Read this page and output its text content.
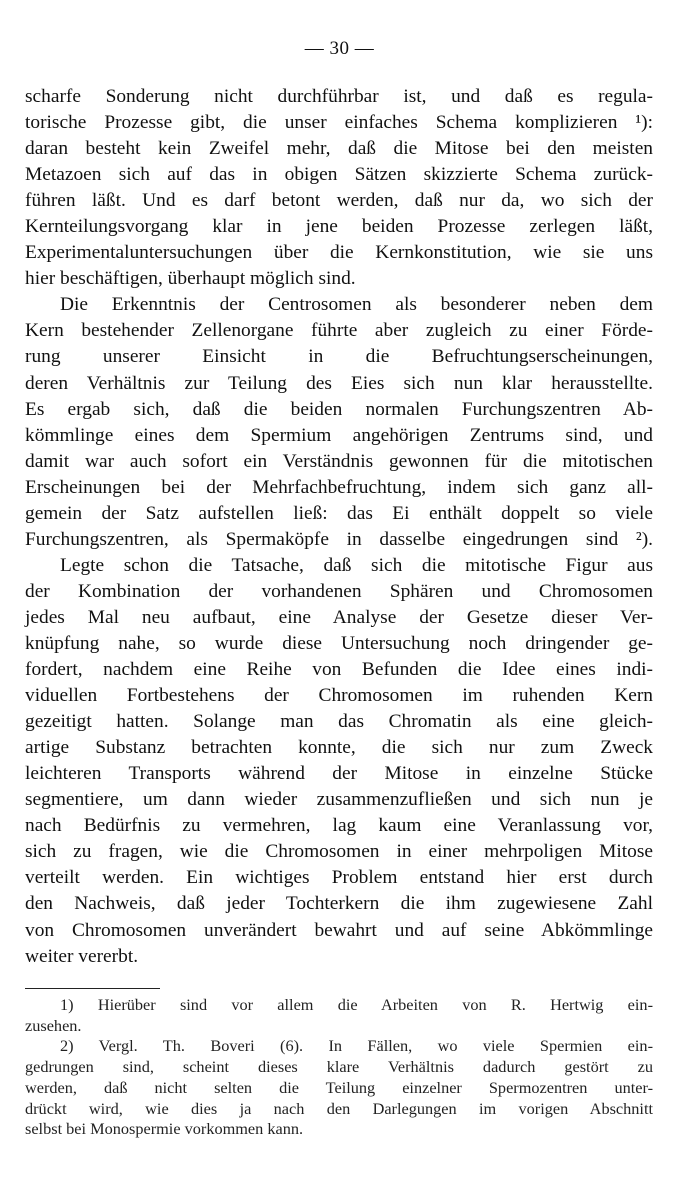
— 30 —

scharfe Sonderung nicht durchführbar ist, und daß es regula-
torische Prozesse gibt, die unser einfaches Schema komplizieren ¹):
daran besteht kein Zweifel mehr, daß die Mitose bei den meisten
Metazoen sich auf das in obigen Sätzen skizzierte Schema zurück-
führen läßt. Und es darf betont werden, daß nur da, wo sich der
Kernteilungsvorgang klar in jene beiden Prozesse zerlegen läßt,
Experimentaluntersuchungen über die Kernkonstitution, wie sie uns
hier beschäftigen, überhaupt möglich sind.

Die Erkenntnis der Centrosomen als besonderer neben dem
Kern bestehender Zellenorgane führte aber zugleich zu einer Förde-
rung unserer Einsicht in die Befruchtungserscheinungen,
deren Verhältnis zur Teilung des Eies sich nun klar herausstellte.
Es ergab sich, daß die beiden normalen Furchungszentren Ab-
kömmlinge eines dem Spermium angehörigen Zentrums sind, und
damit war auch sofort ein Verständnis gewonnen für die mitotischen
Erscheinungen bei der Mehrfachbefruchtung, indem sich ganz all-
gemein der Satz aufstellen ließ: das Ei enthält doppelt so viele
Furchungszentren, als Spermaköpfe in dasselbe eingedrungen sind ²).

Legte schon die Tatsache, daß sich die mitotische Figur aus
der Kombination der vorhandenen Sphären und Chromosomen
jedes Mal neu aufbaut, eine Analyse der Gesetze dieser Ver-
knüpfung nahe, so wurde diese Untersuchung noch dringender ge-
fordert, nachdem eine Reihe von Befunden die Idee eines indi-
viduellen Fortbestehens der Chromosomen im ruhenden Kern
gezeitigt hatten. Solange man das Chromatin als eine gleich-
artige Substanz betrachten konnte, die sich nur zum Zweck
leichteren Transports während der Mitose in einzelne Stücke
segmentiere, um dann wieder zusammenzufließen und sich nun je
nach Bedürfnis zu vermehren, lag kaum eine Veranlassung vor,
sich zu fragen, wie die Chromosomen in einer mehrpoligen Mitose
verteilt werden. Ein wichtiges Problem entstand hier erst durch
den Nachweis, daß jeder Tochterkern die ihm zugewiesene Zahl
von Chromosomen unverändert bewahrt und auf seine Abkömmlinge
weiter vererbt.

1) Hierüber sind vor allem die Arbeiten von R. Hertwig ein-
zusehen.

2) Vergl. Th. Boveri (6). In Fällen, wo viele Spermien ein-
gedrungen sind, scheint dieses klare Verhältnis dadurch gestört zu
werden, daß nicht selten die Teilung einzelner Spermozentren unter-
drückt wird, wie dies ja nach den Darlegungen im vorigen Abschnitt
selbst bei Monospermie vorkommen kann.
